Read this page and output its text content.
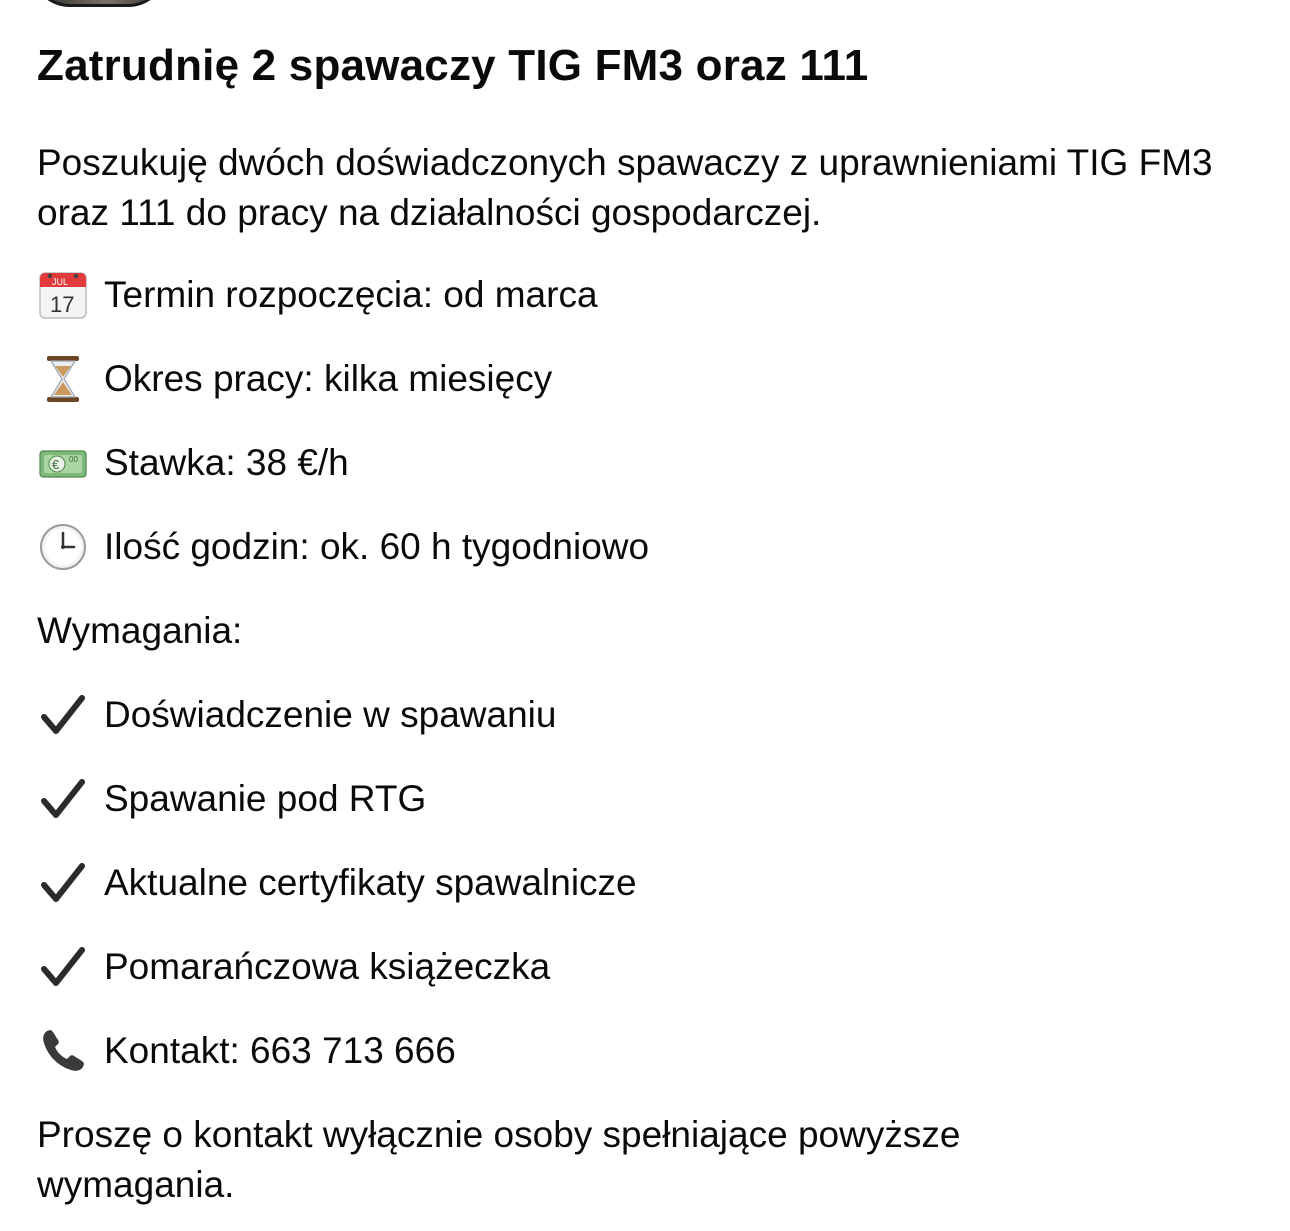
Zatrudnię 2 spawaczy TIG FM3 oraz 111

Poszukuję dwóch doświadczonych spawaczy z uprawnieniami TIG FM3 oraz 111 do pracy na działalności gospodarczej.

JUL
17 Termin rozpoczęcia: od marca
Okres pracy: kilka miesięcy
€ 00 Stawka: 38 €/h
Ilość godzin: ok. 60 h tygodniowo

Wymagania:

Doświadczenie w spawaniu
Spawanie pod RTG
Aktualne certyfikaty spawalnicze
Pomarańczowa książeczka
Kontakt: 663 713 666

Proszę o kontakt wyłącznie osoby spełniające powyższe wymagania.
